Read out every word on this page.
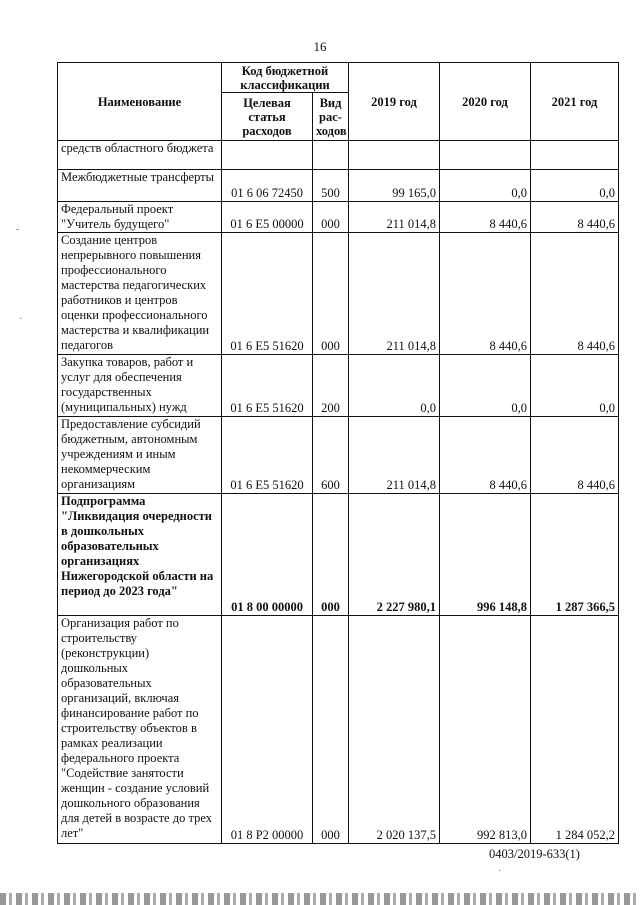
16
Наименование	Код бюджетной классификации		2019 год	2020 год	2021 год
	Целевая статья расходов	Вид рас-ходов			

средств областного бюджета					

Межбюджетные трансферты	01 6 06 72450	500	99 165,0	0,0	0,0

Федеральный проект "Учитель будущего"	01 6 E5 00000	000	211 014,8	8 440,6	8 440,6

Создание центров непрерывного повышения профессионального мастерства педагогических работников и центров оценки профессионального мастерства и квалификации педагогов	01 6 E5 51620	000	211 014,8	8 440,6	8 440,6

Закупка товаров, работ и услуг для обеспечения государственных (муниципальных) нужд	01 6 E5 51620	200	0,0	0,0	0,0

Предоставление субсидий бюджетным, автономным учреждениям и иным некоммерческим организациям	01 6 E5 51620	600	211 014,8	8 440,6	8 440,6

Подпрограмма "Ликвидация очередности в дошкольных образовательных организациях Нижегородской области на период до 2023 года"	01 8 00 00000	000	2 227 980,1	996 148,8	1 287 366,5

Организация работ по строительству (реконструкции) дошкольных образовательных организаций, включая финансирование работ по строительству объектов в рамках реализации федерального проекта "Содействие занятости женщин - создание условий дошкольного образования для детей в возрасте до трех лет"	01 8 P2 00000	000	2 020 137,5	992 813,0	1 284 052,2
0403/2019-633(1)
-
·
·
